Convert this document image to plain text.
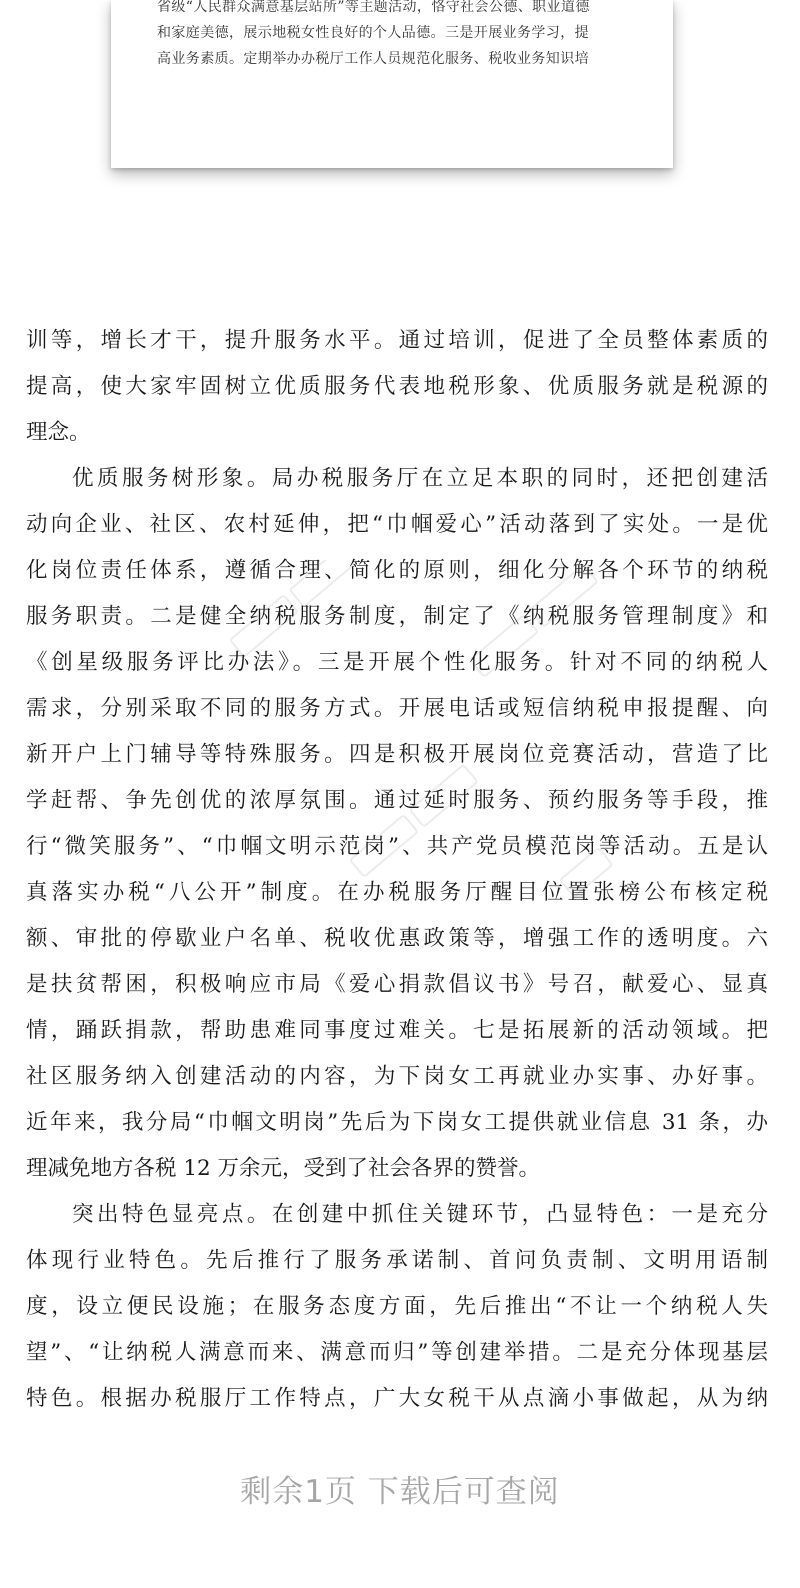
省级“人民群众满意基层站所”等主题活动，恪守社会公德、职业道德
和家庭美德，展示地税女性良好的个人品德。三是开展业务学习，提
高业务素质。定期举办办税厅工作人员规范化服务、税收业务知识培
训等，增长才干，提升服务水平。通过培训，促进了全员整体素质的
提高，使大家牢固树立优质服务代表地税形象、优质服务就是税源的
理念。
优质服务树形象。局办税服务厅在立足本职的同时，还把创建活
动向企业、社区、农村延伸，把“巾帼爱心”活动落到了实处。一是优
化岗位责任体系，遵循合理、简化的原则，细化分解各个环节的纳税
服务职责。二是健全纳税服务制度，制定了《纳税服务管理制度》和
《创星级服务评比办法》。三是开展个性化服务。针对不同的纳税人
需求，分别采取不同的服务方式。开展电话或短信纳税申报提醒、向
新开户上门辅导等特殊服务。四是积极开展岗位竞赛活动，营造了比
学赶帮、争先创优的浓厚氛围。通过延时服务、预约服务等手段，推
行“微笑服务”、“巾帼文明示范岗”、共产党员模范岗等活动。五是认
真落实办税“八公开”制度。在办税服务厅醒目位置张榜公布核定税
额、审批的停歇业户名单、税收优惠政策等，增强工作的透明度。六
是扶贫帮困，积极响应市局《爱心捐款倡议书》号召，献爱心、显真
情，踊跃捐款，帮助患难同事度过难关。七是拓展新的活动领域。把
社区服务纳入创建活动的内容，为下岗女工再就业办实事、办好事。
近年来，我分局“巾帼文明岗”先后为下岗女工提供就业信息 31 条，办
理减免地方各税 12 万余元，受到了社会各界的赞誉。
突出特色显亮点。在创建中抓住关键环节，凸显特色：一是充分
体现行业特色。先后推行了服务承诺制、首问负责制、文明用语制
度，设立便民设施；在服务态度方面，先后推出“不让一个纳税人失
望”、“让纳税人满意而来、满意而归”等创建举措。二是充分体现基层
特色。根据办税服厅工作特点，广大女税干从点滴小事做起，从为纳
剩余1页 下载后可查阅
